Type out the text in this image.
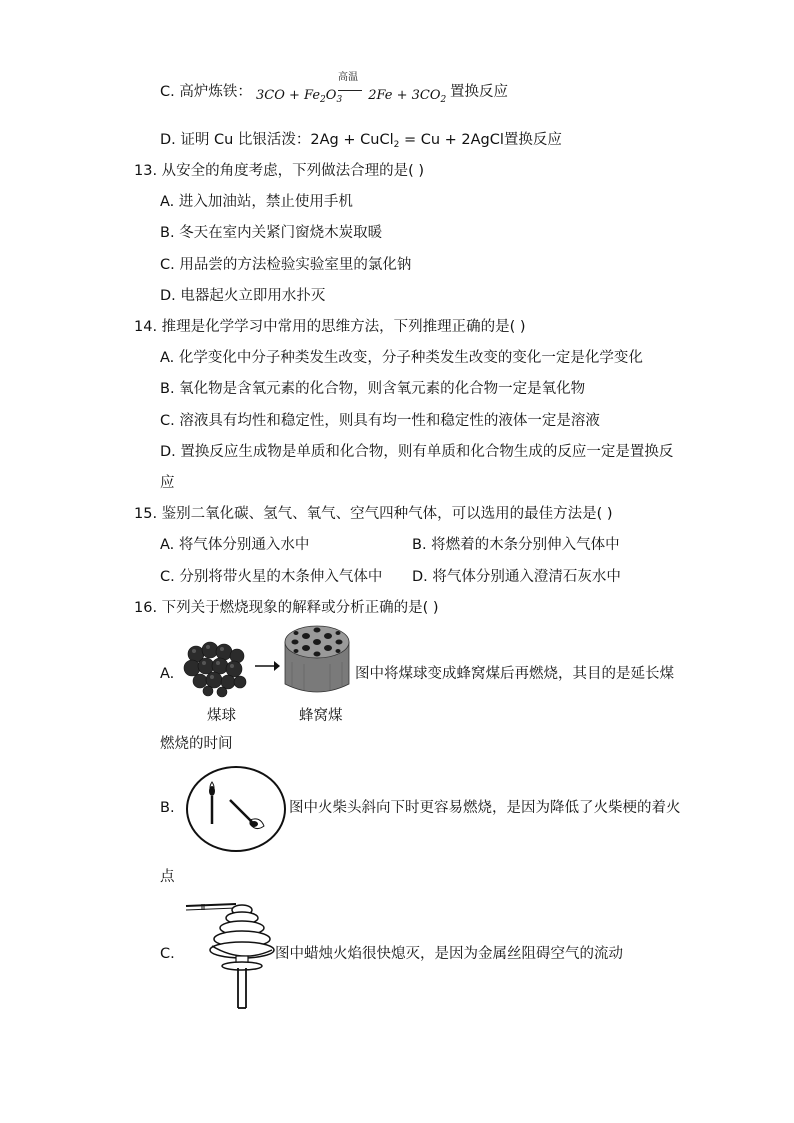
C. 高炉炼铁：
高温
$3CO + Fe_2O_3$ $2Fe + 3CO_2$ 置换反应
D. 证明 Cu 比银活泼：2Ag + CuCl$_2$ = Cu + 2AgCl置换反应
13. 从安全的角度考虑，下列做法合理的是( )
A. 进入加油站，禁止使用手机
B. 冬天在室内关紧门窗烧木炭取暖
C. 用品尝的方法检验实验室里的氯化钠
D. 电器起火立即用水扑灭
14. 推理是化学学习中常用的思维方法，下列推理正确的是( )
A. 化学变化中分子种类发生改变，分子种类发生改变的变化一定是化学变化
B. 氧化物是含氧元素的化合物，则含氧元素的化合物一定是氧化物
C. 溶液具有均性和稳定性，则具有均一性和稳定性的液体一定是溶液
D. 置换反应生成物是单质和化合物，则有单质和化合物生成的反应一定是置换反
应
15. 鉴别二氧化碳、氢气、氧气、空气四种气体，可以选用的最佳方法是( )
A. 将气体分别通入水中	B. 将燃着的木条分别伸入气体中
C. 分别将带火星的木条伸入气体中 D. 将气体分别通入澄清石灰水中
16. 下列关于燃烧现象的解释或分析正确的是( )
A.	图中将煤球变成蜂窝煤后再燃烧，其目的是延长煤
煤球	蜂窝煤
燃烧的时间
B.	图中火柴头斜向下时更容易燃烧，是因为降低了火柴梗的着火
点
C.	图中蜡烛火焰很快熄灭，是因为金属丝阻碍空气的流动
